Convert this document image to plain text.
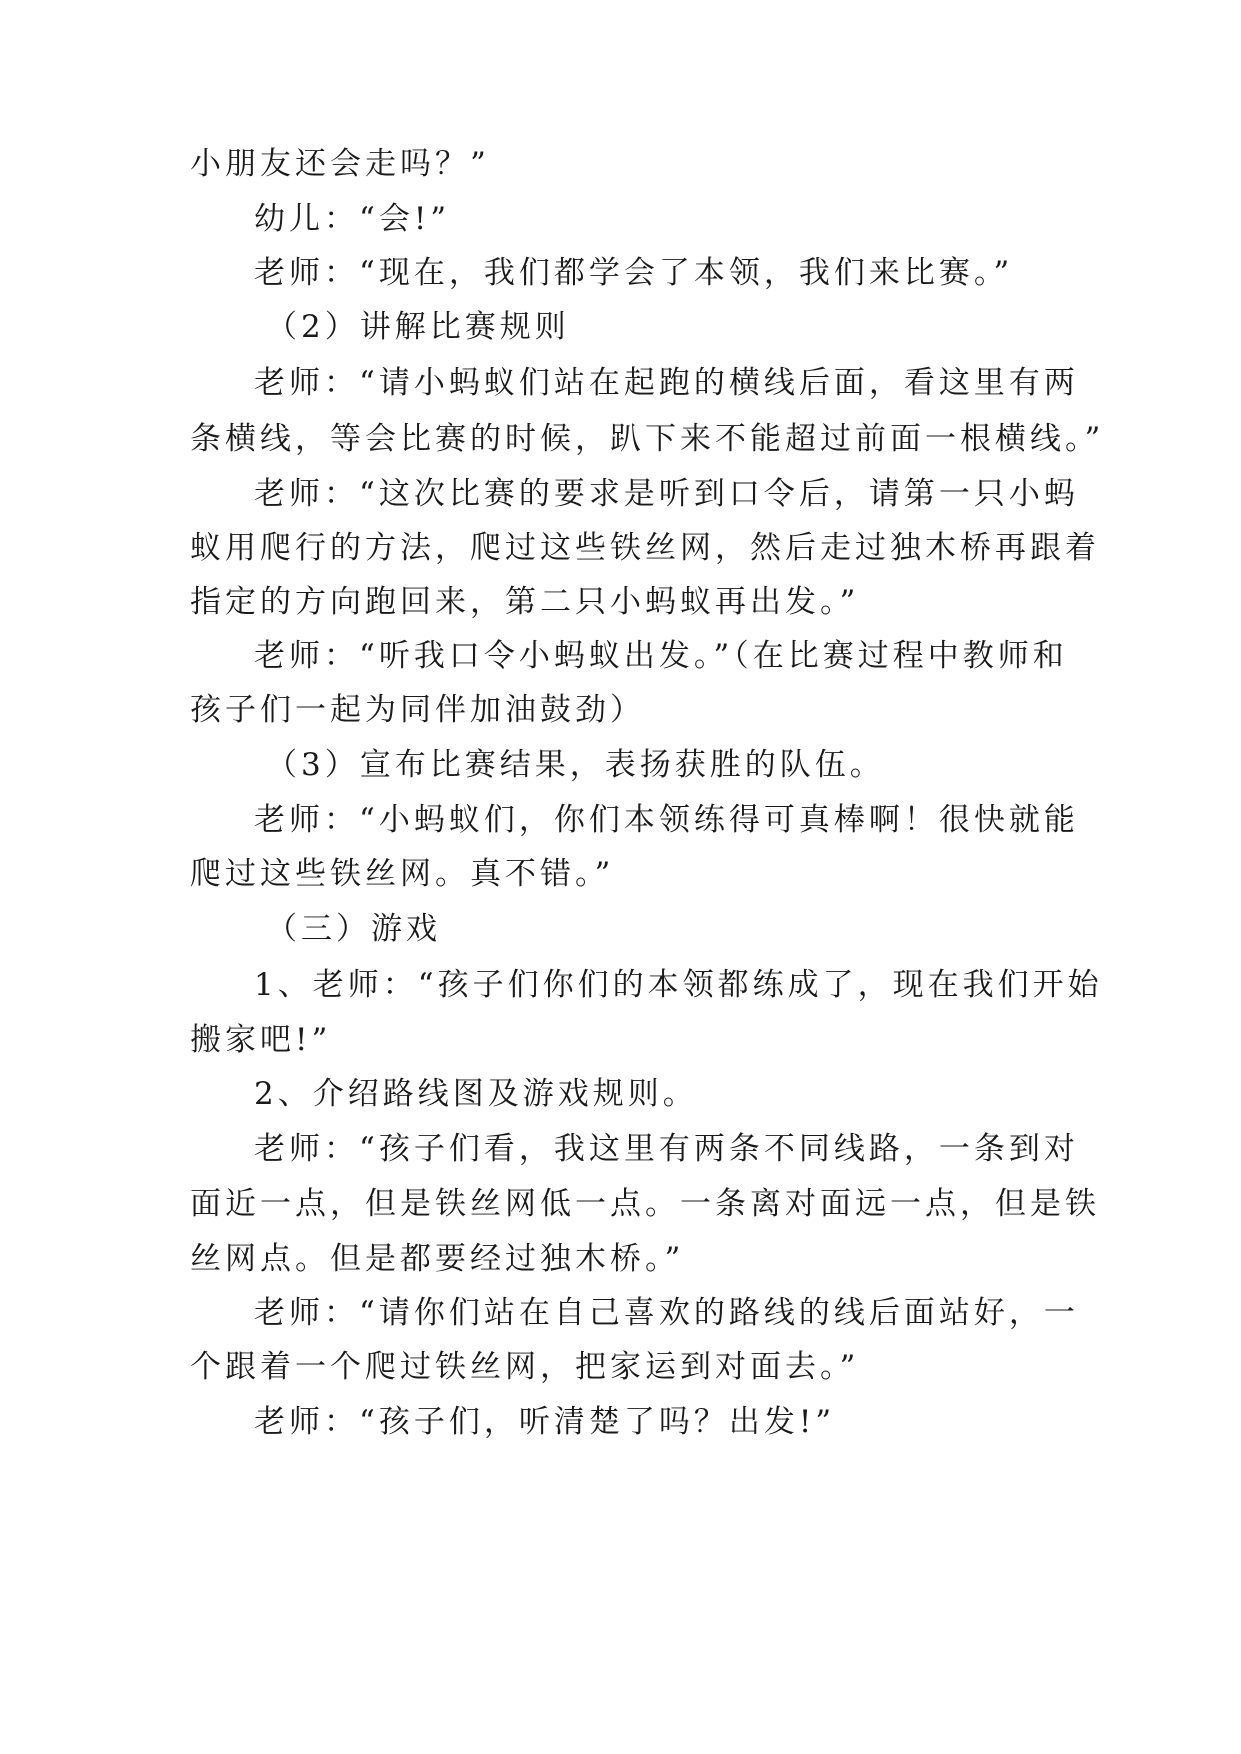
小朋友还会走吗？”
幼儿：“会!”
老师：“现在，我们都学会了本领，我们来比赛。”
（2）讲解比赛规则
老师：“请小蚂蚁们站在起跑的横线后面，看这里有两
条横线，等会比赛的时候，趴下来不能超过前面一根横线。”
老师：“这次比赛的要求是听到口令后，请第一只小蚂
蚁用爬行的方法，爬过这些铁丝网，然后走过独木桥再跟着
指定的方向跑回来，第二只小蚂蚁再出发。”
老师：“听我口令小蚂蚁出发。”（在比赛过程中教师和
孩子们一起为同伴加油鼓劲）
（3）宣布比赛结果，表扬获胜的队伍。
老师：“小蚂蚁们，你们本领练得可真棒啊！很快就能
爬过这些铁丝网。真不错。”
（三）游戏
1、老师：“孩子们你们的本领都练成了，现在我们开始
搬家吧!”
2、介绍路线图及游戏规则。
老师：“孩子们看，我这里有两条不同线路，一条到对
面近一点，但是铁丝网低一点。一条离对面远一点，但是铁
丝网点。但是都要经过独木桥。”
老师：“请你们站在自己喜欢的路线的线后面站好，一
个跟着一个爬过铁丝网，把家运到对面去。”
老师：“孩子们，听清楚了吗？出发!”
